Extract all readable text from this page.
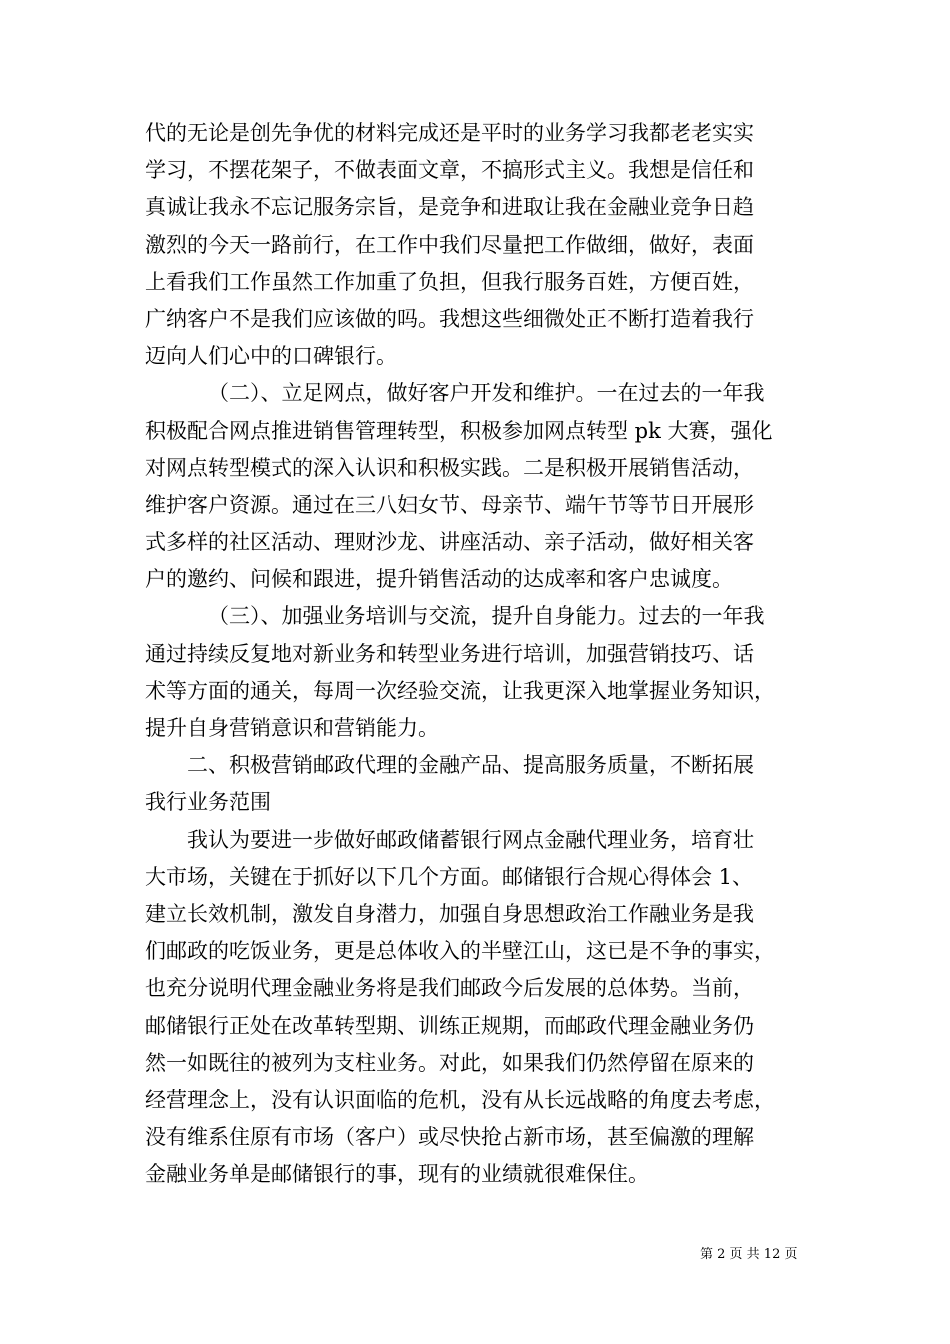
代的无论是创先争优的材料完成还是平时的业务学习我都老老实实
学习，不摆花架子，不做表面文章，不搞形式主义。我想是信任和
真诚让我永不忘记服务宗旨，是竞争和进取让我在金融业竞争日趋
激烈的今天一路前行，在工作中我们尽量把工作做细，做好，表面
上看我们工作虽然工作加重了负担，但我行服务百姓，方便百姓，
广纳客户不是我们应该做的吗。我想这些细微处正不断打造着我行
迈向人们心中的口碑银行。
（二）、立足网点，做好客户开发和维护。一在过去的一年我
积极配合网点推进销售管理转型，积极参加网点转型 pk 大赛，强化
对网点转型模式的深入认识和积极实践。二是积极开展销售活动，
维护客户资源。通过在三八妇女节、母亲节、端午节等节日开展形
式多样的社区活动、理财沙龙、讲座活动、亲子活动，做好相关客
户的邀约、问候和跟进，提升销售活动的达成率和客户忠诚度。
（三）、加强业务培训与交流，提升自身能力。过去的一年我
通过持续反复地对新业务和转型业务进行培训，加强营销技巧、话
术等方面的通关，每周一次经验交流，让我更深入地掌握业务知识，
提升自身营销意识和营销能力。
二、积极营销邮政代理的金融产品、提高服务质量，不断拓展
我行业务范围
我认为要进一步做好邮政储蓄银行网点金融代理业务，培育壮
大市场，关键在于抓好以下几个方面。邮储银行合规心得体会 1、
建立长效机制，激发自身潜力，加强自身思想政治工作融业务是我
们邮政的吃饭业务，更是总体收入的半壁江山，这已是不争的事实，
也充分说明代理金融业务将是我们邮政今后发展的总体势。当前，
邮储银行正处在改革转型期、训练正规期，而邮政代理金融业务仍
然一如既往的被列为支柱业务。对此，如果我们仍然停留在原来的
经营理念上，没有认识面临的危机，没有从长远战略的角度去考虑，
没有维系住原有市场（客户）或尽快抢占新市场，甚至偏激的理解
金融业务单是邮储银行的事，现有的业绩就很难保住。
第 2 页 共 12 页
